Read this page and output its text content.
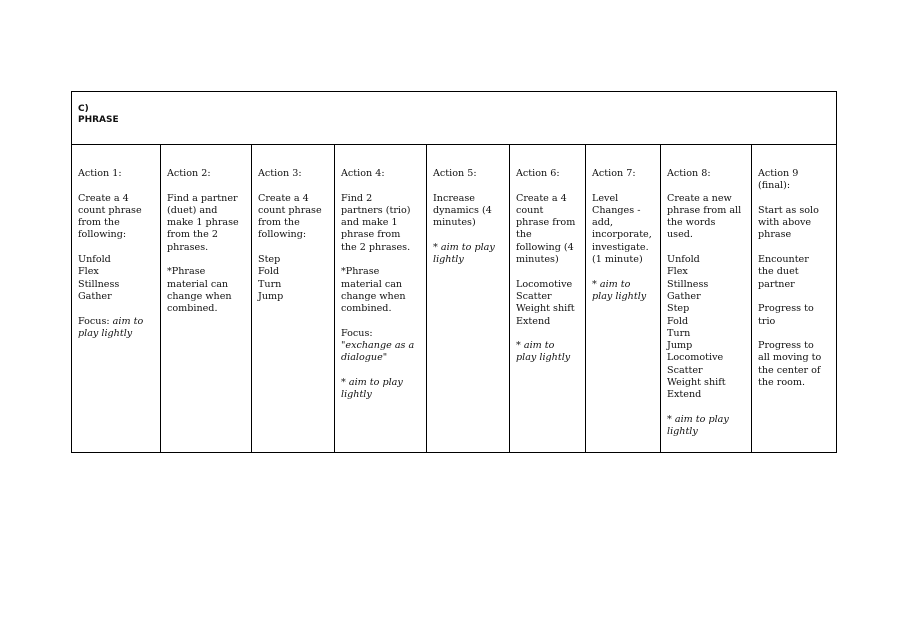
C)
PHRASE

Action 1:
Create a 4
count phrase
from the
following:
Unfold
Flex
Stillness
Gather
Focus: aim to
play lightly

Action 2:
Find a partner
(duet) and
make 1 phrase
from the 2
phrases.
*Phrase
material can
change when
combined.

Action 3:
Create a 4
count phrase
from the
following:
Step
Fold
Turn
Jump

Action 4:
Find 2
partners (trio)
and make 1
phrase from
the 2 phrases.
*Phrase
material can
change when
combined.
Focus:
"exchange as a
dialogue"
* aim to play
lightly

Action 5:
Increase
dynamics (4
minutes)
* aim to play
lightly

Action 6:
Create a 4
count
phrase from
the
following (4
minutes)
Locomotive
Scatter
Weight shift
Extend
* aim to
play lightly

Action 7:
Level
Changes -
add,
incorporate,
investigate.
(1 minute)
* aim to
play lightly

Action 8:
Create a new
phrase from all
the words
used.
Unfold
Flex
Stillness
Gather
Step
Fold
Turn
Jump
Locomotive
Scatter
Weight shift
Extend
* aim to play
lightly

Action 9
(final):
Start as solo
with above
phrase
Encounter
the duet
partner
Progress to
trio
Progress to
all moving to
the center of
the room.
